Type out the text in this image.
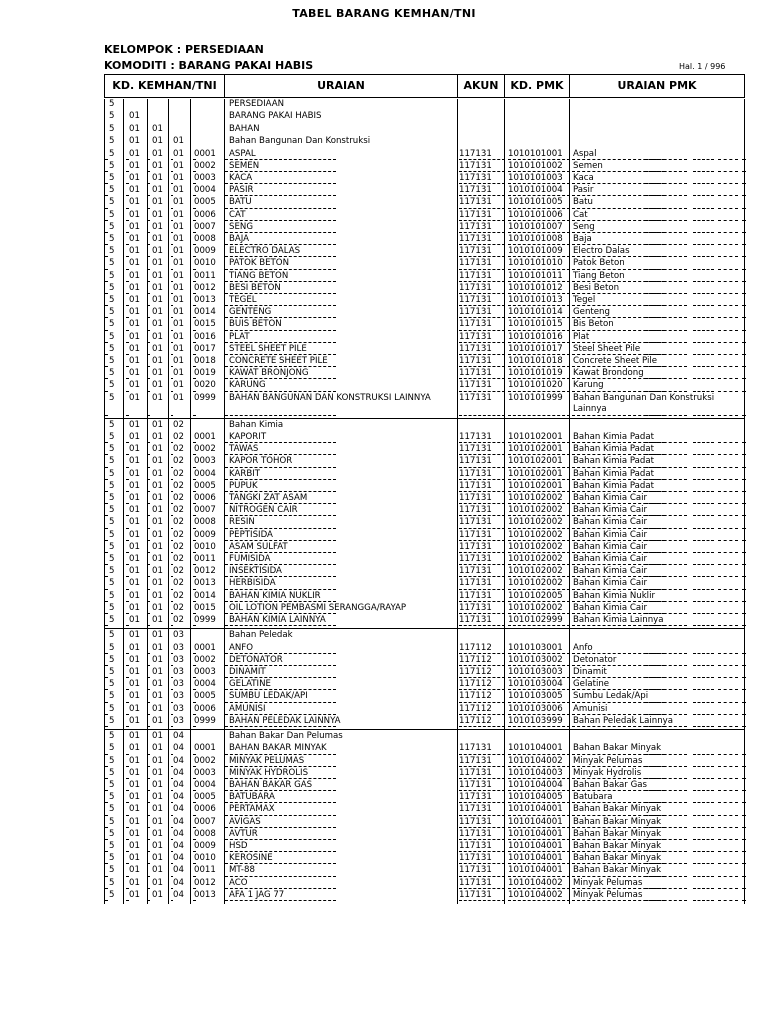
TABEL BARANG KEMHAN/TNI
KELOMPOK : PERSEDIAAN
KOMODITI : BARANG PAKAI HABIS	Hal. 1 / 996
KD. KEMHAN/TNI	URAIAN	AKUN	KD. PMK	URAIAN PMK
5	PERSEDIAAN
5 01	BARANG PAKAI HABIS
5 01 01	BAHAN
5 01 01 01	Bahan Bangunan Dan Konstruksi
5 01 01 01 0001 ASPAL	117131 1010101001 Aspal
5 01 01 01 0002 SEMEN	117131 1010101002 Semen
5 01 01 01 0003 KACA	117131 1010101003 Kaca
5 01 01 01 0004 PASIR	117131 1010101004 Pasir
5 01 01 01 0005 BATU	117131 1010101005 Batu
5 01 01 01 0006 CAT	117131 1010101006 Cat
5 01 01 01 0007 SENG	117131 1010101007 Seng
5 01 01 01 0008 BAJA	117131 1010101008 Baja
5 01 01 01 0009 ELECTRO DALAS	117131 1010101009 Electro Dalas
5 01 01 01 0010 PATOK BETON	117131 1010101010 Patok Beton
5 01 01 01 0011 TIANG BETON	117131 1010101011 Tiang Beton
5 01 01 01 0012 BESI BETON	117131 1010101012 Besi Beton
5 01 01 01 0013 TEGEL	117131 1010101013 Tegel
5 01 01 01 0014 GENTENG	117131 1010101014 Genteng
5 01 01 01 0015 BUIS BETON	117131 1010101015 Bis Beton
5 01 01 01 0016 PLAT	117131 1010101016 Plat
5 01 01 01 0017 STEEL SHEET PILE	117131 1010101017 Steel Sheet Pile
5 01 01 01 0018 CONCRETE SHEET PILE	117131 1010101018 Concrete Sheet Pile
5 01 01 01 0019 KAWAT BRONJONG	117131 1010101019 Kawat Brondong
5 01 01 01 0020 KARUNG	117131 1010101020 Karung
5 01 01 01 0999 BAHAN BANGUNAN DAN KONSTRUKSI LAINNYA	117131 1010101999 Bahan Bangunan Dan Konstruksi
Lainnya
5 01 01 02	Bahan Kimia
5 01 01 02 0001 KAPORIT	117131 1010102001 Bahan Kimia Padat
5 01 01 02 0002 TAWAS	117131 1010102001 Bahan Kimia Padat
5 01 01 02 0003 KAPOR TOHOR	117131 1010102001 Bahan Kimia Padat
5 01 01 02 0004 KARBIT	117131 1010102001 Bahan Kimia Padat
5 01 01 02 0005 PUPUK	117131 1010102001 Bahan Kimia Padat
5 01 01 02 0006 TANGKI ZAT ASAM	117131 1010102002 Bahan Kimia Cair
5 01 01 02 0007 NITROGEN CAIR	117131 1010102002 Bahan Kimia Cair
5 01 01 02 0008 RESIN	117131 1010102002 Bahan Kimia Cair
5 01 01 02 0009 PEPTISIDA	117131 1010102002 Bahan Kimia Cair
5 01 01 02 0010 ASAM SULFAT	117131 1010102002 Bahan Kimia Cair
5 01 01 02 0011 FUMISIDA	117131 1010102002 Bahan Kimia Cair
5 01 01 02 0012 INSEKTISIDA	117131 1010102002 Bahan Kimia Cair
5 01 01 02 0013 HERBISIDA	117131 1010102002 Bahan Kimia Cair
5 01 01 02 0014 BAHAN KIMIA NUKLIR	117131 1010102005 Bahan Kimia Nuklir
5 01 01 02 0015 OIL LOTION PEMBASMI SERANGGA/RAYAP	117131 1010102002 Bahan Kimia Cair
5 01 01 02 0999 BAHAN KIMIA LAINNYA	117131 1010102999 Bahan Kimia Lainnya
5 01 01 03	Bahan Peledak
5 01 01 03 0001 ANFO	117112 1010103001 Anfo
5 01 01 03 0002 DETONATOR	117112 1010103002 Detonator
5 01 01 03 0003 DINAMIT	117112 1010103003 Dinamit
5 01 01 03 0004 GELATINE	117112 1010103004 Gelatine
5 01 01 03 0005 SUMBU LEDAK/API	117112 1010103005 Sumbu Ledak/Api
5 01 01 03 0006 AMUNISI	117112 1010103006 Amunisi
5 01 01 03 0999 BAHAN PELEDAK LAINNYA	117112 1010103999 Bahan Peledak Lainnya
5 01 01 04	Bahan Bakar Dan Pelumas
5 01 01 04 0001 BAHAN BAKAR MINYAK	117131 1010104001 Bahan Bakar Minyak
5 01 01 04 0002 MINYAK PELUMAS	117131 1010104002 Minyak Pelumas
5 01 01 04 0003 MINYAK HYDROLIS	117131 1010104003 Minyak Hydrolis
5 01 01 04 0004 BAHAN BAKAR GAS	117131 1010104004 Bahan Bakar Gas
5 01 01 04 0005 BATUBARA	117131 1010104005 Batubara
5 01 01 04 0006 PERTAMAX	117131 1010104001 Bahan Bakar Minyak
5 01 01 04 0007 AVIGAS	117131 1010104001 Bahan Bakar Minyak
5 01 01 04 0008 AVTUR	117131 1010104001 Bahan Bakar Minyak
5 01 01 04 0009 HSD	117131 1010104001 Bahan Bakar Minyak
5 01 01 04 0010 KEROSINE	117131 1010104001 Bahan Bakar Minyak
5 01 01 04 0011 MT-88	117131 1010104001 Bahan Bakar Minyak
5 01 01 04 0012 ACO	117131 1010104002 Minyak Pelumas
5 01 01 04 0013 AFA 1 JAG 77	117131 1010104002 Minyak Pelumas
